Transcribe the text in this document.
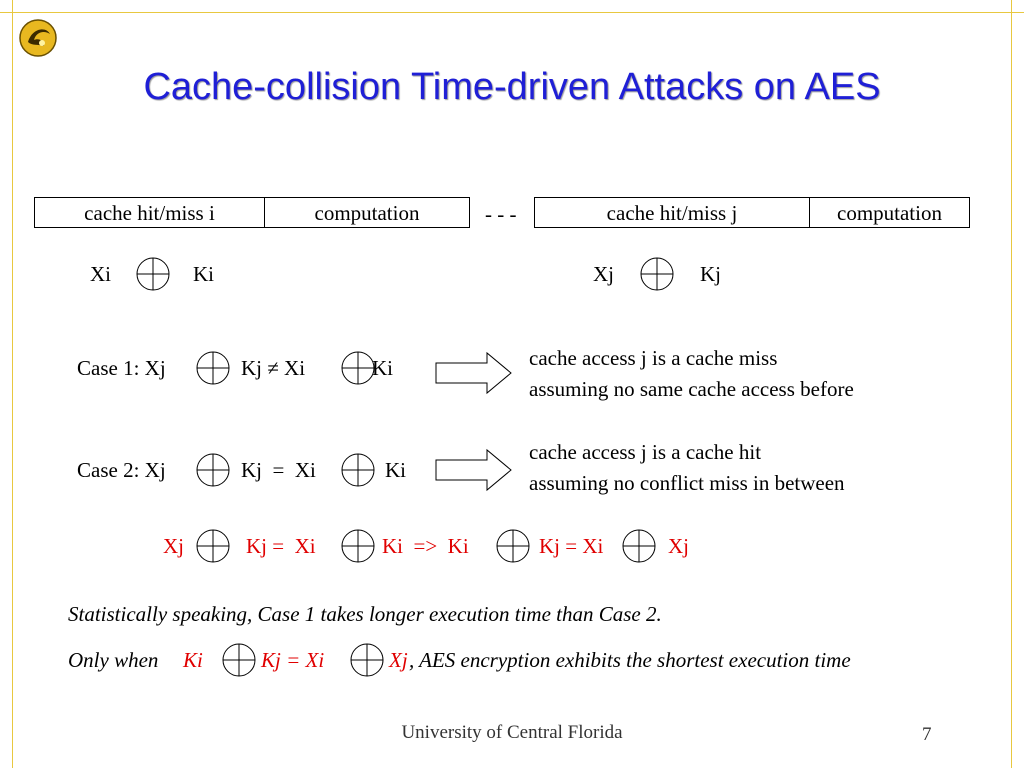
Cache-collision Time-driven Attacks on AES
cache hit/miss i	computation	- - -	cache hit/miss j	computation
Xi	Ki	Xj	Kj
Case 1: Xj	Kj ≠ Xi	Ki	cache access j is a cache miss
assuming no same cache access before
Case 2: Xj	Kj  =  Xi	Ki
cache access j is a cache hit
assuming no conflict miss in between
Xj	Kj =  Xi	Ki  =>  Ki	Kj = Xi	Xj
Statistically speaking, Case 1 takes longer execution time than Case 2.
Only when Ki	Kj = Xi	Xj , AES encryption exhibits the shortest execution time
University of Central Florida	7
